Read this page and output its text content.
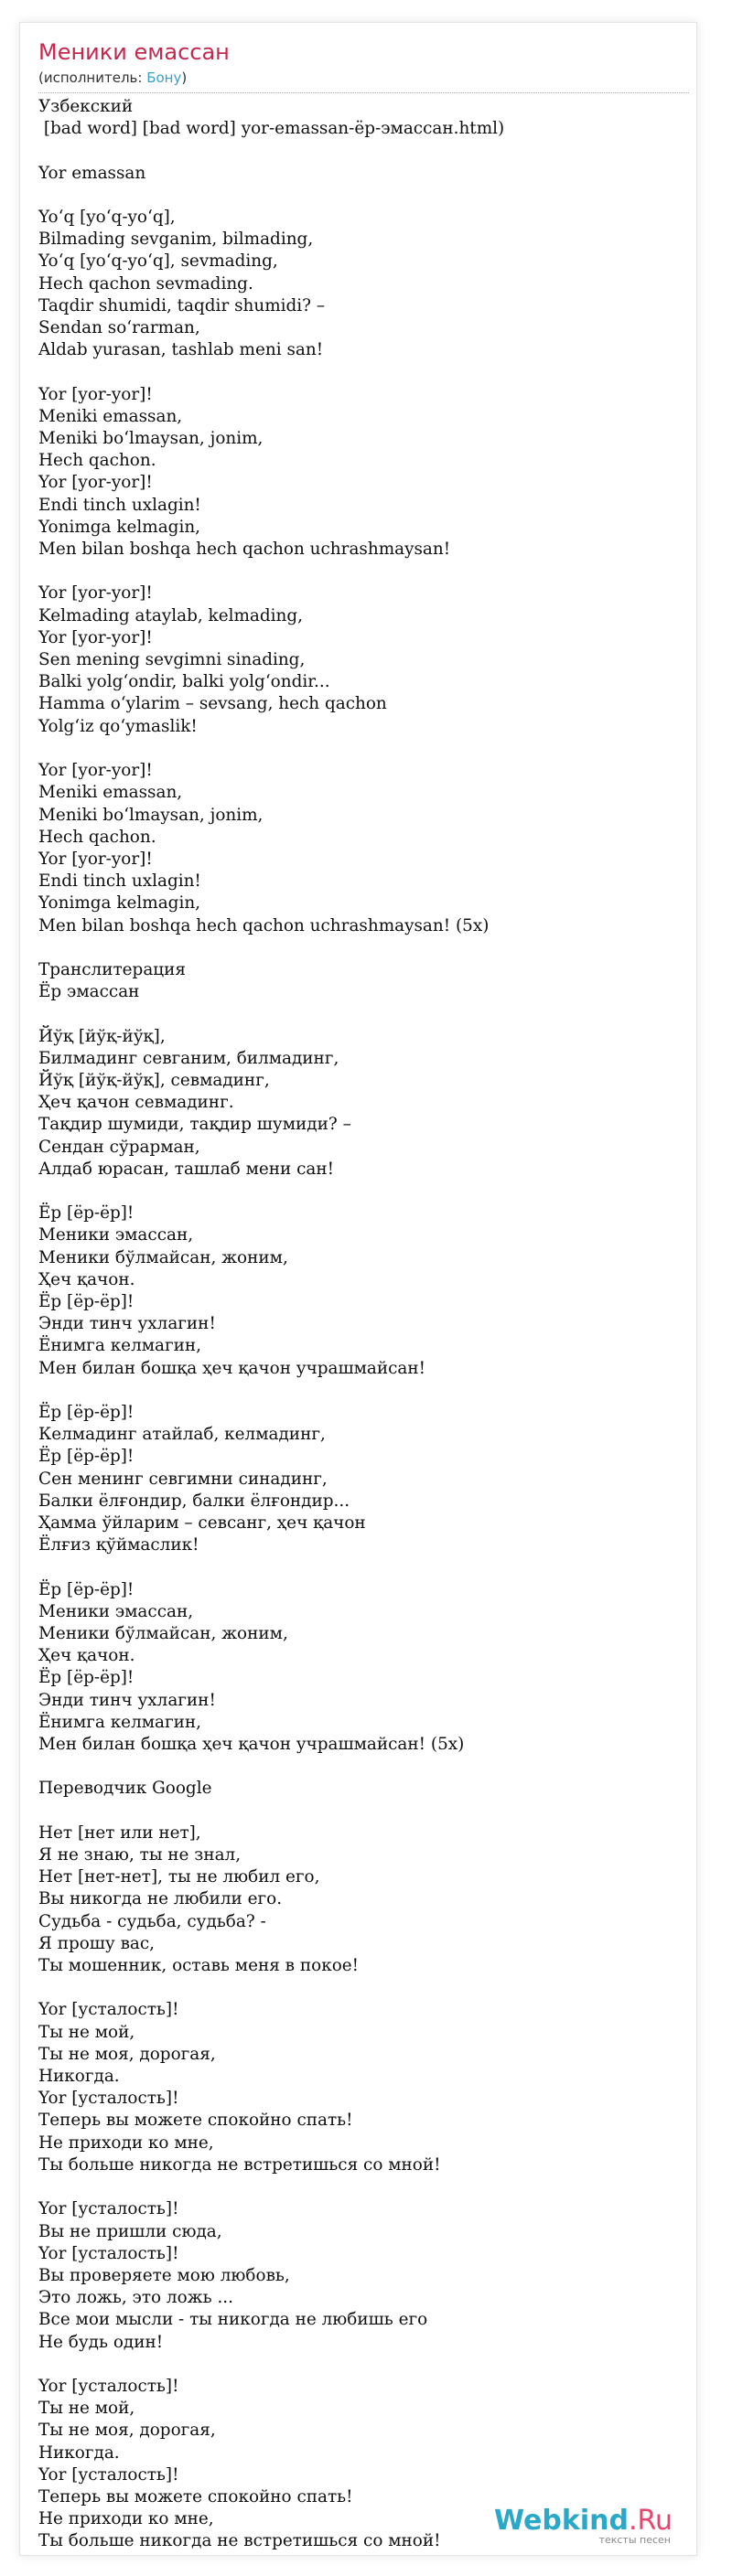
Меники емассан
(исполнитель: Бону)
Узбекский
[bad word] [bad word] yor-emassan-ёр-эмассан.html)

Yor emassan

Yo‘q [yo‘q-yo‘q],
Bilmading sevganim, bilmading,
Yo‘q [yo‘q-yo‘q], sevmading,
Hech qachon sevmading.
Taqdir shumidi, taqdir shumidi? –
Sendan so‘rarman,
Aldab yurasan, tashlab meni san!

Yor [yor-yor]!
Meniki emassan,
Meniki bo‘lmaysan, jonim,
Hech qachon.
Yor [yor-yor]!
Endi tinch uxlagin!
Yonimga kelmagin,
Men bilan boshqa hech qachon uchrashmaysan!

Yor [yor-yor]!
Kelmading ataylab, kelmading,
Yor [yor-yor]!
Sen mening sevgimni sinading,
Balki yolg‘ondir, balki yolg‘ondir...
Hamma o‘ylarim – sevsang, hech qachon
Yolg‘iz qo‘ymaslik!

Yor [yor-yor]!
Meniki emassan,
Meniki bo‘lmaysan, jonim,
Hech qachon.
Yor [yor-yor]!
Endi tinch uxlagin!
Yonimga kelmagin,
Men bilan boshqa hech qachon uchrashmaysan! (5x)

Транслитерация
Ёр эмассан

Йўқ [йўқ-йўқ],
Билмадинг севганим, билмадинг,
Йўқ [йўқ-йўқ], севмадинг,
Ҳеч қачон севмадинг.
Тақдир шумиди, тақдир шумиди? –
Сендан сўрарман,
Алдаб юрасан, ташлаб мени сан!

Ёр [ёр-ёр]!
Меники эмассан,
Меники бўлмайсан, жоним,
Ҳеч қачон.
Ёр [ёр-ёр]!
Энди тинч ухлагин!
Ёнимга келмагин,
Мен билан бошқа ҳеч қачон учрашмайсан!

Ёр [ёр-ёр]!
Келмадинг атайлаб, келмадинг,
Ёр [ёр-ёр]!
Сен менинг севгимни синадинг,
Балки ёлғондир, балки ёлғондир...
Ҳамма ўйларим – севсанг, ҳеч қачон
Ёлғиз қўймаслик!

Ёр [ёр-ёр]!
Меники эмассан,
Меники бўлмайсан, жоним,
Ҳеч қачон.
Ёр [ёр-ёр]!
Энди тинч ухлагин!
Ёнимга келмагин,
Мен билан бошқа ҳеч қачон учрашмайсан! (5x)

Переводчик Google

Нет [нет или нет],
Я не знаю, ты не знал,
Нет [нет-нет], ты не любил его,
Вы никогда не любили его.
Судьба - судьба, судьба? -
Я прошу вас,
Ты мошенник, оставь меня в покое!

Yor [усталость]!
Ты не мой,
Ты не моя, дорогая,
Никогда.
Yor [усталость]!
Теперь вы можете спокойно спать!
Не приходи ко мне,
Ты больше никогда не встретишься со мной!

Yor [усталость]!
Вы не пришли сюда,
Yor [усталость]!
Вы проверяете мою любовь,
Это ложь, это ложь ...
Все мои мысли - ты никогда не любишь его
Не будь один!

Yor [усталость]!
Ты не мой,
Ты не моя, дорогая,
Никогда.
Yor [усталость]!
Теперь вы можете спокойно спать!
Не приходи ко мне,
Ты больше никогда не встретишься со мной!
Webkind.Ru
тексты песен
